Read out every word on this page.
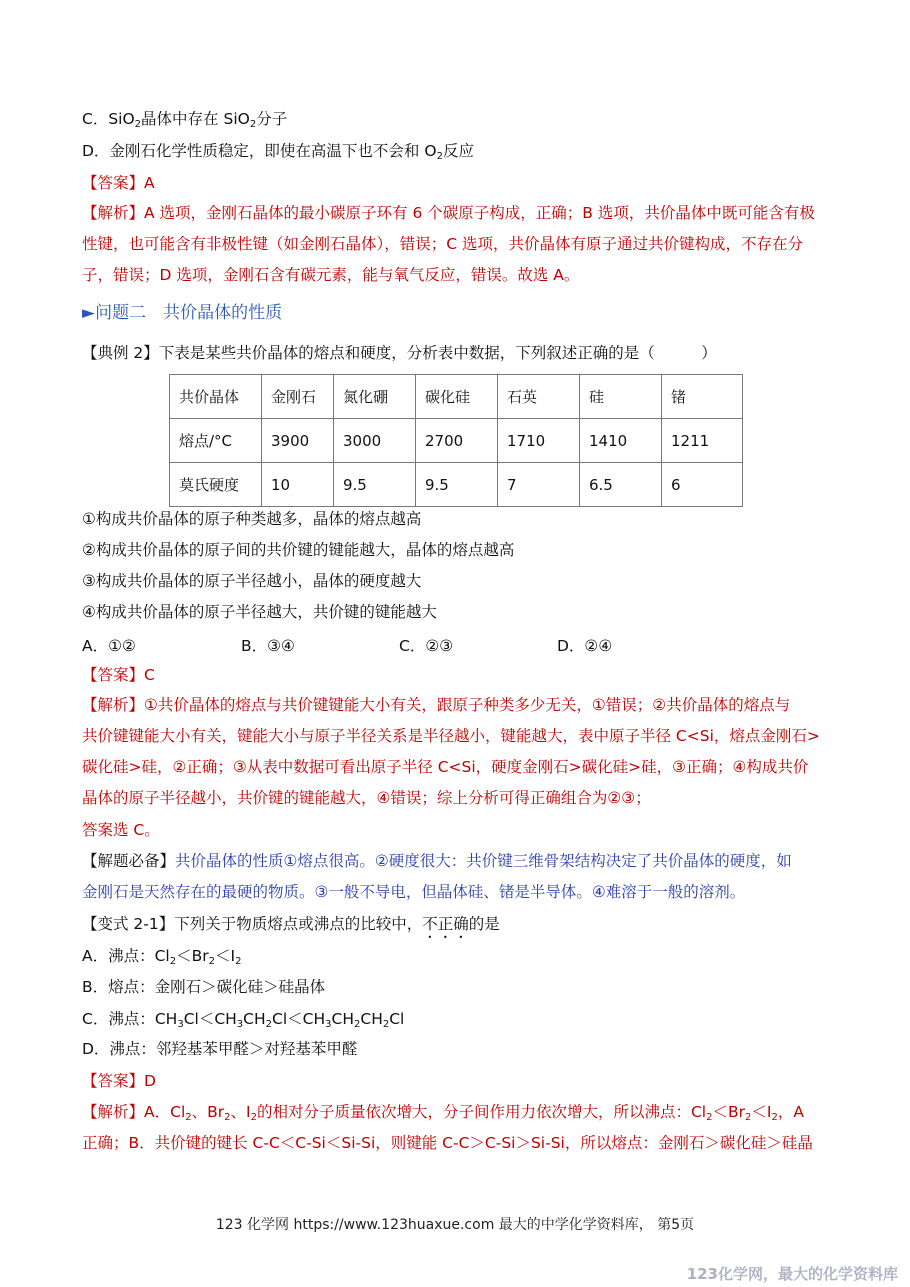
C．SiO$_2$晶体中存在 SiO$_2$分子
D．金刚石化学性质稳定，即使在高温下也不会和 $O_2$反应
【答案】A
【解析】A 选项，金刚石晶体的最小碳原子环有 6 个碳原子构成，正确；B 选项，共价晶体中既可能含有极
性键，也可能含有非极性键（如金刚石晶体），错误；C 选项，共价晶体有原子通过共价键构成，不存在分
子，错误；D 选项，金刚石含有碳元素，能与氧气反应，错误。故选 A。
►问题二　共价晶体的性质
【典例 2】下表是某些共价晶体的熔点和硬度，分析表中数据，下列叙述正确的是（　　　）
共价晶体	金刚石	氮化硼	碳化硅	石英	硅	锗
熔点/°C	3900	3000	2700	1710	1410	1211
莫氏硬度	10	9.5	9.5	7	6.5	6
①构成共价晶体的原子种类越多，晶体的熔点越高
②构成共价晶体的原子间的共价键的键能越大，晶体的熔点越高
③构成共价晶体的原子半径越小，晶体的硬度越大
④构成共价晶体的原子半径越大，共价键的键能越大
A．①②	B．③④	C．②③	D．②④
【答案】C
【解析】①共价晶体的熔点与共价键键能大小有关，跟原子种类多少无关，①错误；②共价晶体的熔点与
共价键键能大小有关，键能大小与原子半径关系是半径越小，键能越大，表中原子半径 C<Si，熔点金刚石>
碳化硅>硅，②正确；③从表中数据可看出原子半径 C<Si，硬度金刚石>碳化硅>硅，③正确；④构成共价
晶体的原子半径越小，共价键的键能越大，④错误；综上分析可得正确组合为②③；
答案选 C。
【解题必备】共价晶体的性质①熔点很高。②硬度很大：共价键三维骨架结构决定了共价晶体的硬度，如
金刚石是天然存在的最硬的物质。③一般不导电，但晶体硅、锗是半导体。④难溶于一般的溶剂。
【变式 2-1】下列关于物质熔点或沸点的比较中，不正确的是
A．沸点：$Cl_2<Br_2<I_2$
B．熔点：金刚石＞碳化硅＞硅晶体
C．沸点：$CH_3Cl<CH_3CH_2Cl<CH_3CH_2CH_2Cl$
D．沸点：邻羟基苯甲醛＞对羟基苯甲醛
【答案】D
【解析】A．$Cl_2$、$Br_2$、$I_2$的相对分子质量依次增大，分子间作用力依次增大，所以沸点：$Cl_2<Br_2<I_2$，A
正确；B．共价键的键长 C-C＜C-Si＜Si-Si，则键能 C-C＞C-Si＞Si-Si，所以熔点：金刚石＞碳化硅＞硅晶
123 化学网 https://www.123huaxue.com 最大的中学化学资料库， 第5页
123化学网，最大的化学资料库
